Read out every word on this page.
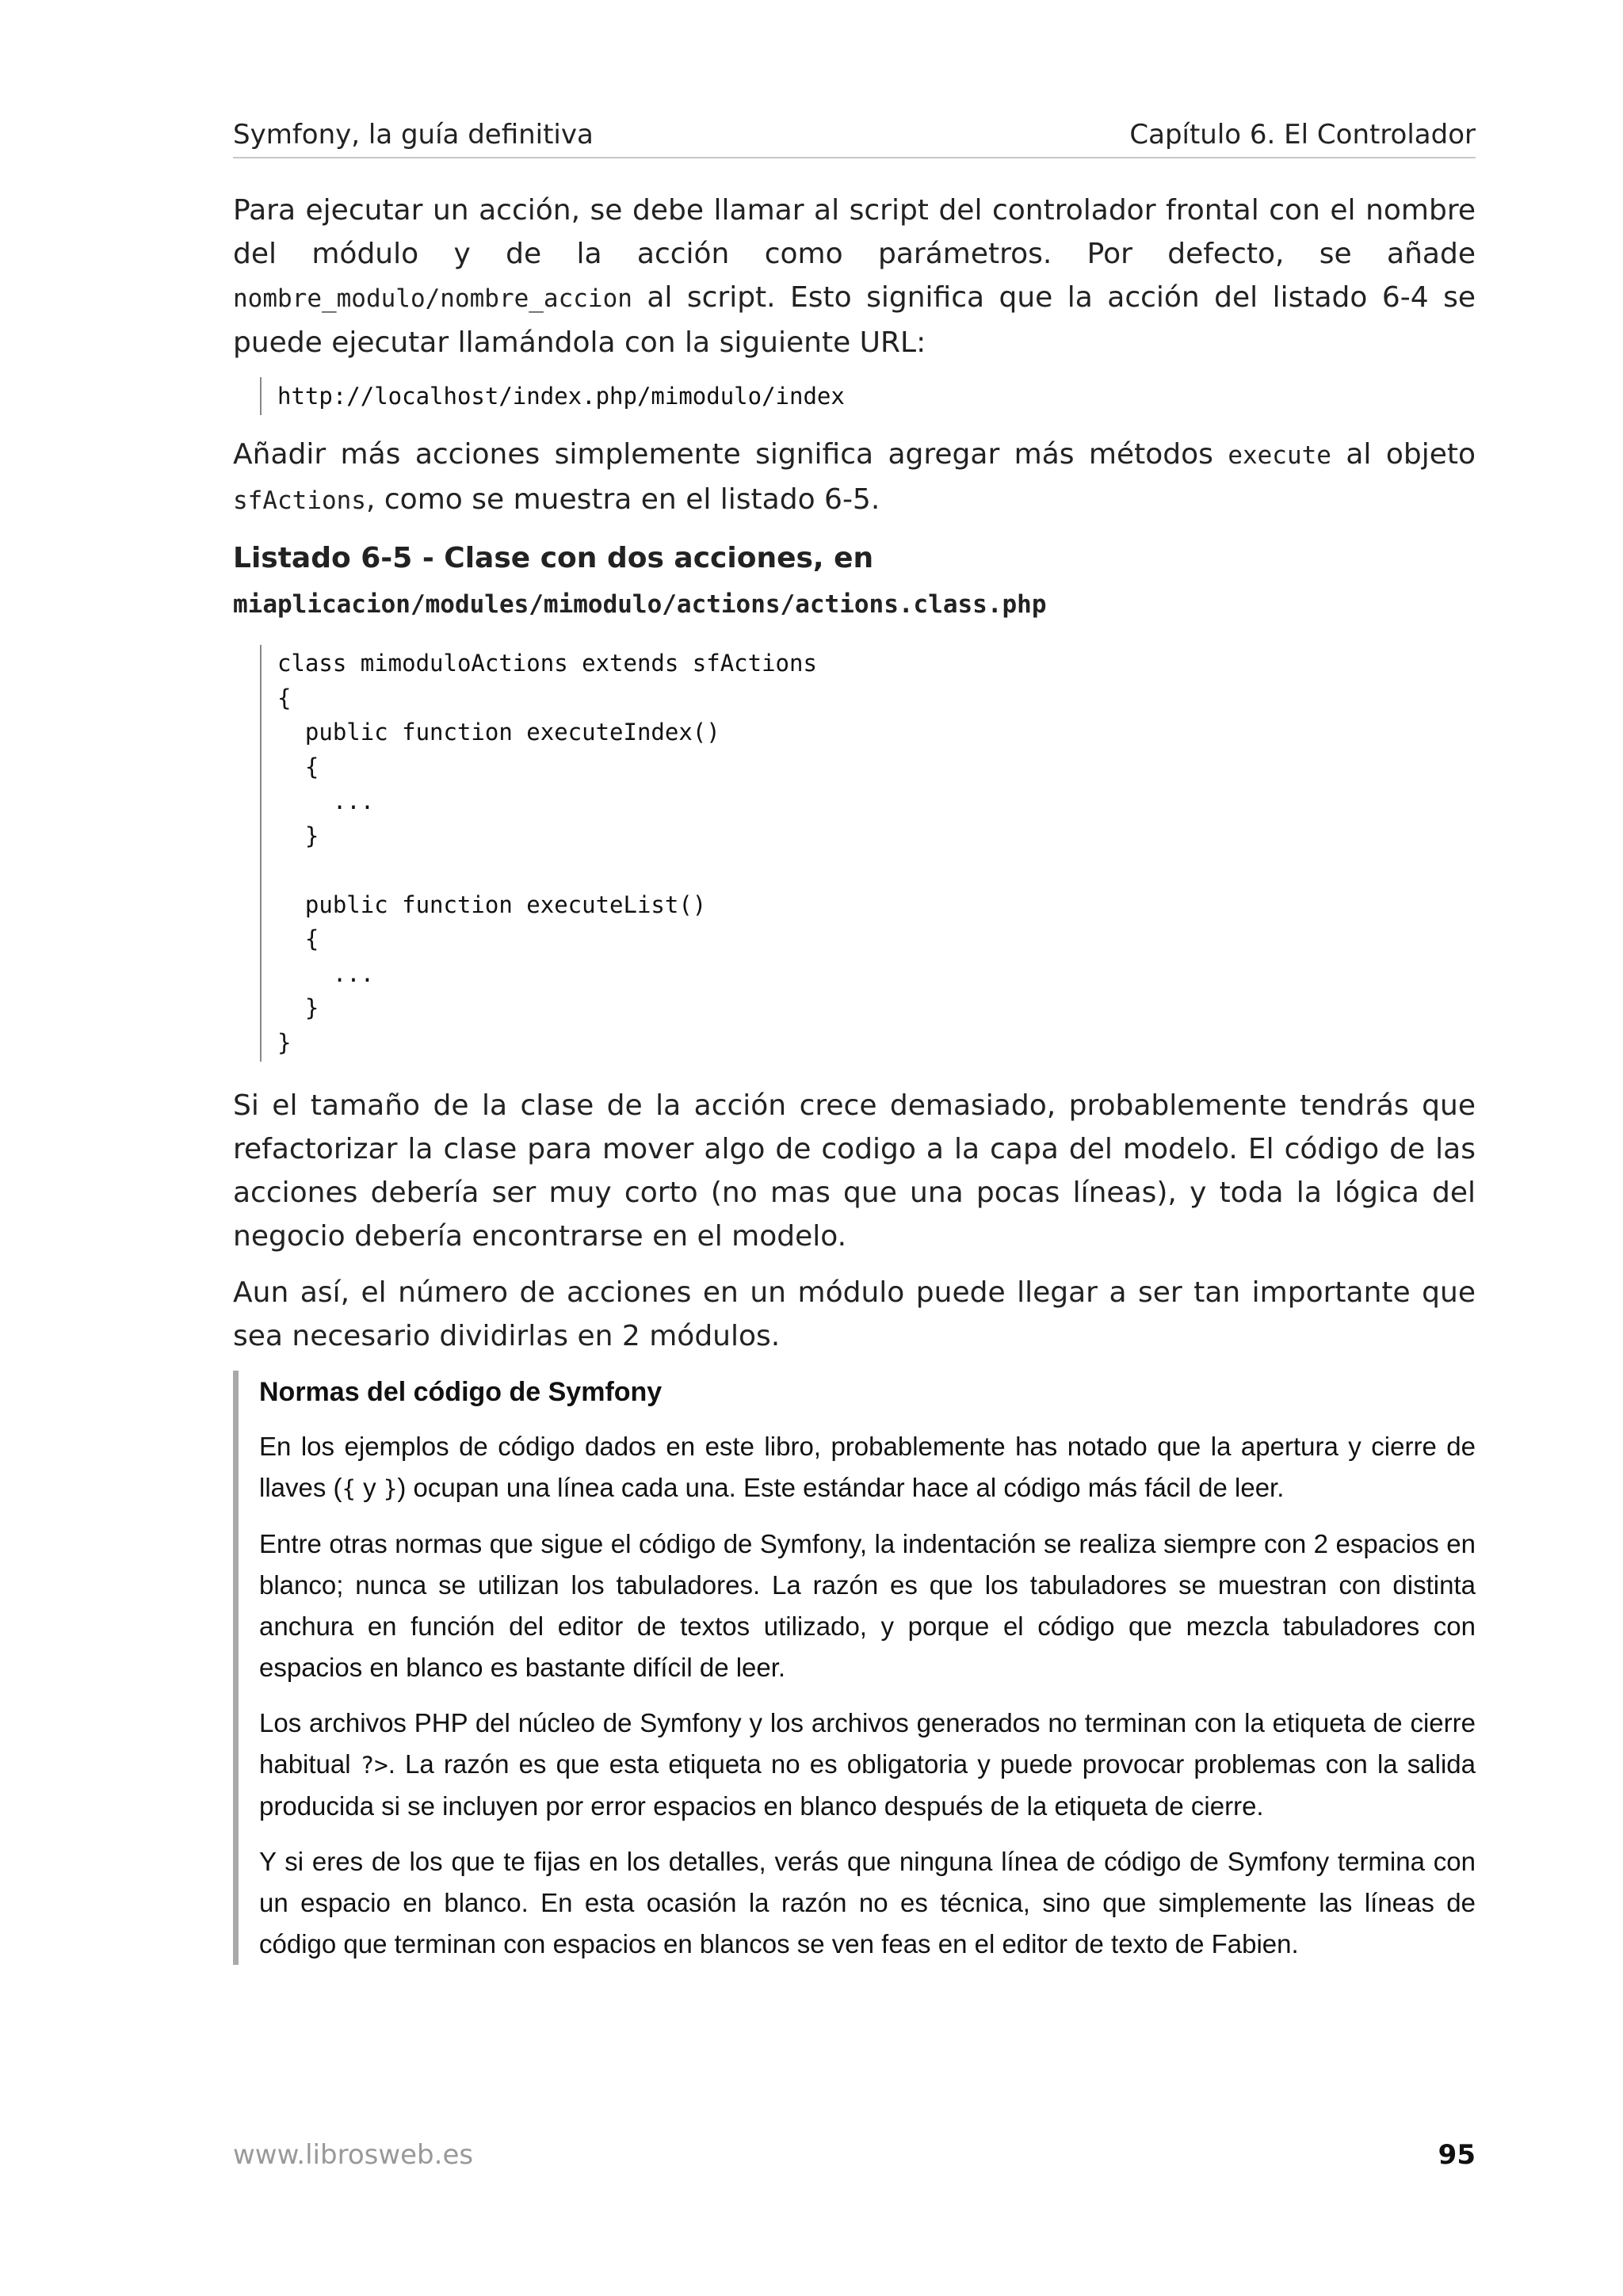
Symfony, la guía definitiva	Capítulo 6. El Controlador

Para ejecutar un acción, se debe llamar al script del controlador frontal con el nombre del módulo y de la acción como parámetros. Por defecto, se añade nombre_modulo/nombre_accion al script. Esto significa que la acción del listado 6-4 se puede ejecutar llamándola con la siguiente URL:

http://localhost/index.php/mimodulo/index

Añadir más acciones simplemente significa agregar más métodos execute al objeto sfActions, como se muestra en el listado 6-5.

Listado 6-5 - Clase con dos acciones, en miaplicacion/modules/mimodulo/actions/actions.class.php
class mimoduloActions extends sfActions
{
public function executeIndex()
{
...
}

public function executeList()
{
...
}
}

Si el tamaño de la clase de la acción crece demasiado, probablemente tendrás que refactorizar la clase para mover algo de codigo a la capa del modelo. El código de las acciones debería ser muy corto (no mas que una pocas líneas), y toda la lógica del negocio debería encontrarse en el modelo.

Aun así, el número de acciones en un módulo puede llegar a ser tan importante que sea necesario dividirlas en 2 módulos.

Normas del código de Symfony

En los ejemplos de código dados en este libro, probablemente has notado que la apertura y cierre de llaves ({ y }) ocupan una línea cada una. Este estándar hace al código más fácil de leer.

Entre otras normas que sigue el código de Symfony, la indentación se realiza siempre con 2 espacios en blanco; nunca se utilizan los tabuladores. La razón es que los tabuladores se muestran con distinta anchura en función del editor de textos utilizado, y porque el código que mezcla tabuladores con espacios en blanco es bastante difícil de leer.

Los archivos PHP del núcleo de Symfony y los archivos generados no terminan con la etiqueta de cierre habitual ?>. La razón es que esta etiqueta no es obligatoria y puede provocar problemas con la salida producida si se incluyen por error espacios en blanco después de la etiqueta de cierre.

Y si eres de los que te fijas en los detalles, verás que ninguna línea de código de Symfony termina con un espacio en blanco. En esta ocasión la razón no es técnica, sino que simplemente las líneas de código que terminan con espacios en blancos se ven feas en el editor de texto de Fabien.

www.librosweb.es	95
